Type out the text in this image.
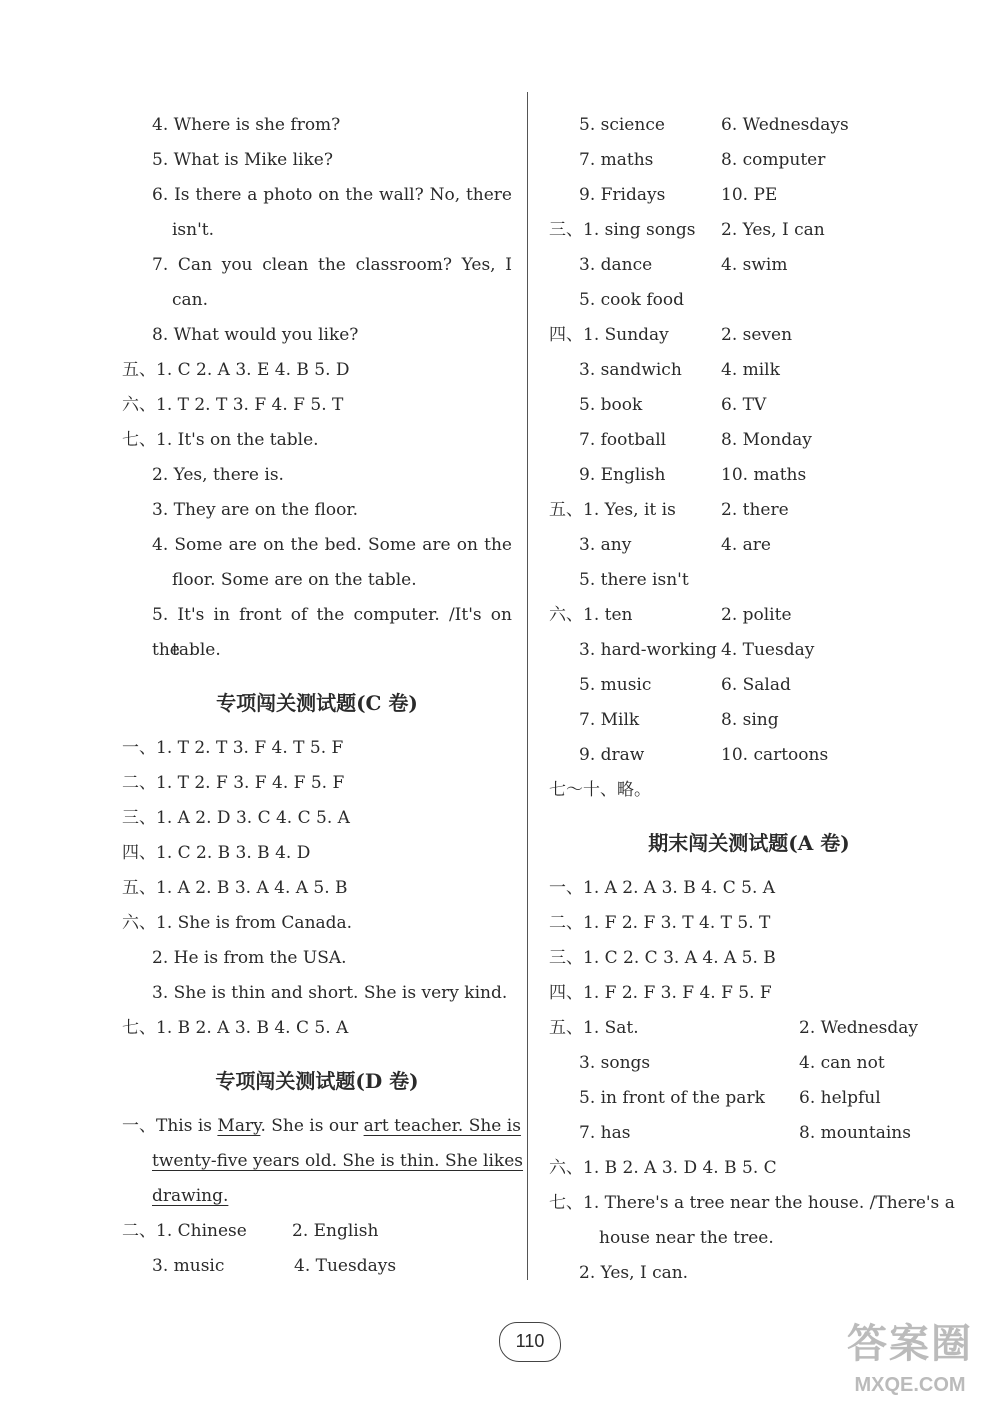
4. Where is she from?
5. What is Mike like?
6. Is there a photo on the wall? No, there
isn't.
7. Can you clean the classroom? Yes, I
can.
8. What would you like?
五、1. C 2. A 3. E 4. B 5. D
六、1. T 2. T 3. F 4. F 5. T
七、1. It's on the table.
2. Yes, there is.
3. They are on the floor.
4. Some are on the bed. Some are on the
floor. Some are on the table.
5. It's in front of the computer. /It's on the
table.
专项闯关测试题(C 卷)
一、1. T 2. T 3. F 4. T 5. F
二、1. T 2. F 3. F 4. F 5. F
三、1. A 2. D 3. C 4. C 5. A
四、1. C 2. B 3. B 4. D
五、1. A 2. B 3. A 4. A 5. B
六、1. She is from Canada.
2. He is from the USA.
3. She is thin and short. She is very kind.
七、1. B 2. A 3. B 4. C 5. A
专项闯关测试题(D 卷)
一、This is Mary. She is our art teacher. She is
twenty-five years old. She is thin. She likes
drawing.
二、1. Chinese	2. English
3. music	4. Tuesdays
5. science	6. Wednesdays
7. maths	8. computer
9. Fridays	10. PE
三、1. sing songs	2. Yes, I can
3. dance	4. swim
5. cook food
四、1. Sunday	2. seven
3. sandwich	4. milk
5. book	6. TV
7. football	8. Monday
9. English	10. maths
五、1. Yes, it is	2. there
3. any	4. are
5. there isn't
六、1. ten	2. polite
3. hard-working 4. Tuesday
5. music	6. Salad
7. Milk	8. sing
9. draw	10. cartoons
七～十、略。
期末闯关测试题(A 卷)
一、1. A 2. A 3. B 4. C 5. A
二、1. F 2. F 3. T 4. T 5. T
三、1. C 2. C 3. A 4. A 5. B
四、1. F 2. F 3. F 4. F 5. F
五、1. Sat.	2. Wednesday
3. songs	4. can not
5. in front of the park	6. helpful
7. has	8. mountains
六、1. B 2. A 3. D 4. B 5. C
七、1. There's a tree near the house. /There's a
house near the tree.
2. Yes, I can.
110	答案圈
MXQE.COM
